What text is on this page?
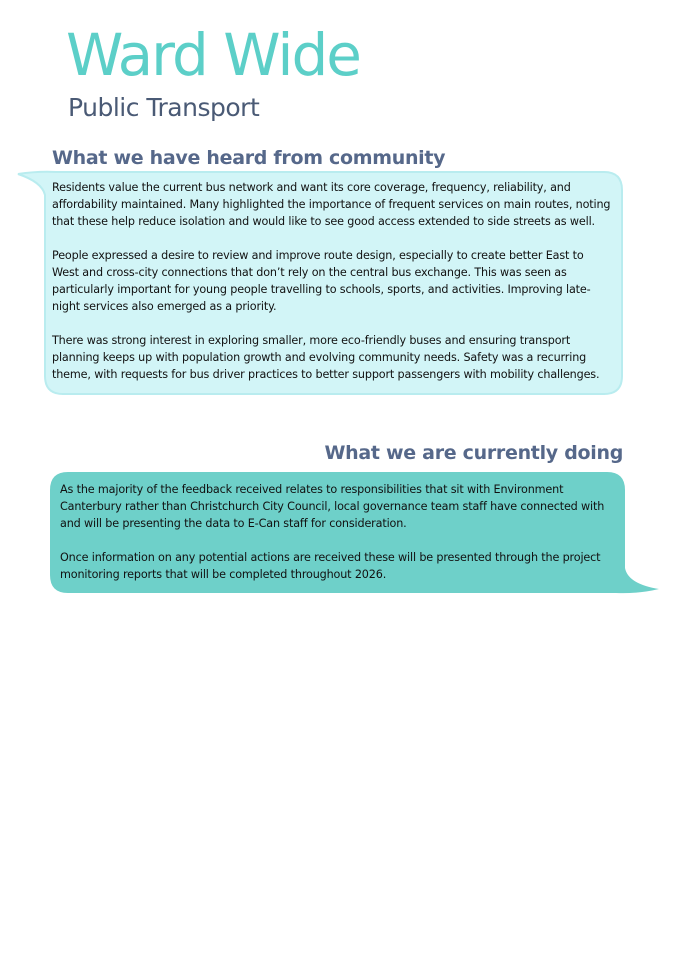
Ward Wide
Public Transport
What we have heard from community

Residents value the current bus network and want its core coverage, frequency, reliability, and affordability maintained. Many highlighted the importance of frequent services on main routes, noting that these help reduce isolation and would like to see good access extended to side streets as well.

People expressed a desire to review and improve route design, especially to create better East to West and cross-city connections that don’t rely on the central bus exchange. This was seen as particularly important for young people travelling to schools, sports, and activities. Improving late-night services also emerged as a priority.

There was strong interest in exploring smaller, more eco-friendly buses and ensuring transport planning keeps up with population growth and evolving community needs. Safety was a recurring theme, with requests for bus driver practices to better support passengers with mobility challenges.

What we are currently doing

As the majority of the feedback received relates to responsibilities that sit with Environment Canterbury rather than Christchurch City Council, local governance team staff have connected with and will be presenting the data to E-Can staff for consideration.

Once information on any potential actions are received these will be presented through the project monitoring reports that will be completed throughout 2026.
